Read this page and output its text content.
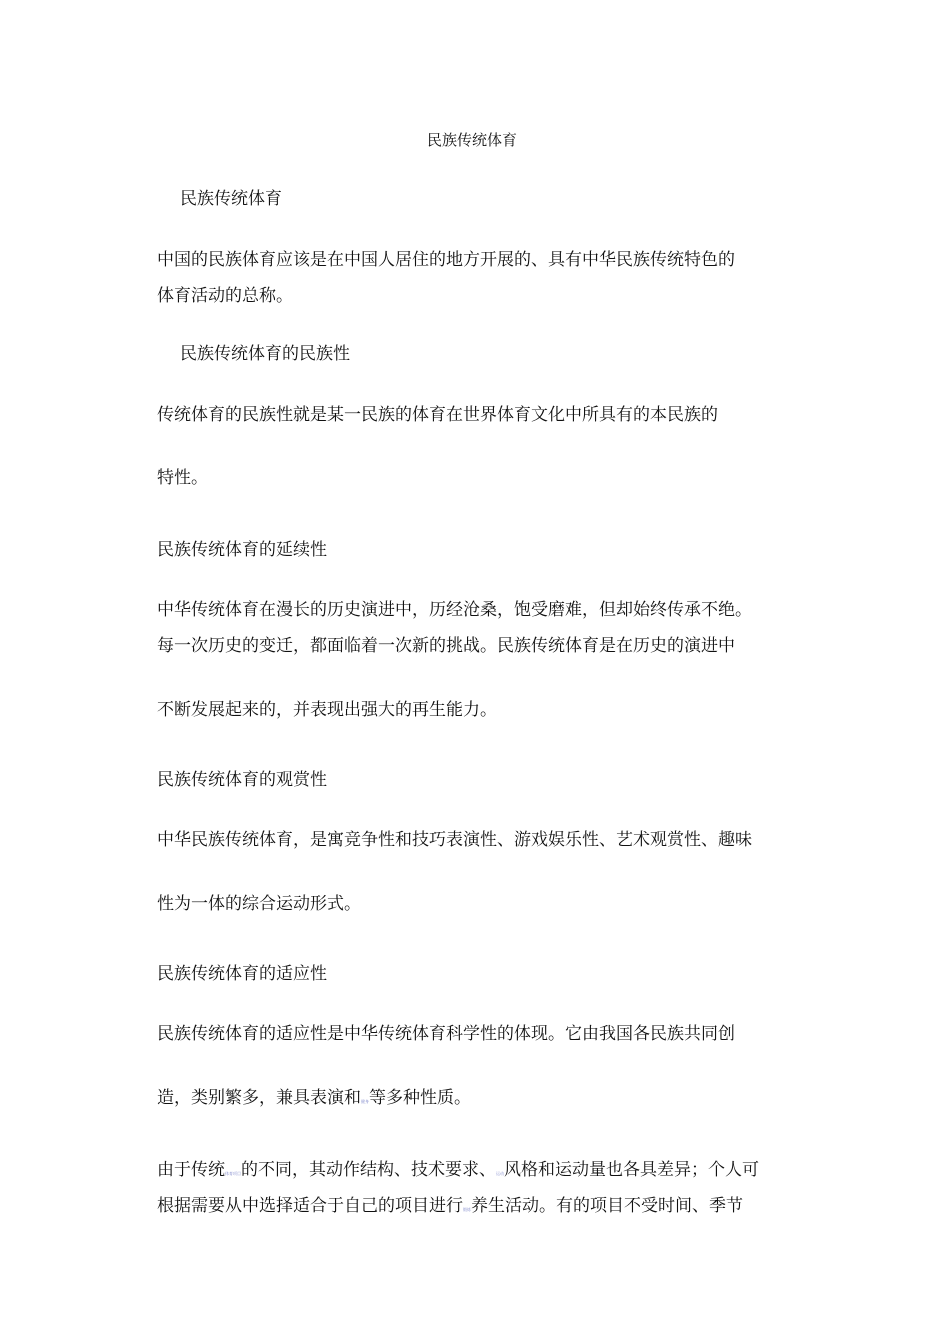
民族传统体育
民族传统体育
中国的民族体育应该是在中国人居住的地方开展的、具有中华民族传统特色的
体育活动的总称。
民族传统体育的民族性
传统体育的民族性就是某一民族的体育在世界体育文化中所具有的本民族的
特性。
民族传统体育的延续性
中华传统体育在漫长的历史演进中，历经沧桑，饱受磨难，但却始终传承不绝。
每一次历史的变迁，都面临着一次新的挑战。民族传统体育是在历史的演进中
不断发展起来的，并表现出强大的再生能力。
民族传统体育的观赏性
中华民族传统体育，是寓竞争性和技巧表演性、游戏娱乐性、艺术观赏性、趣味
性为一体的综合运动形式。
民族传统体育的适应性
民族传统体育的适应性是中华传统体育科学性的体现。它由我国各民族共同创
造，类别繁多，兼具表演和健身等多种性质。
由于传统体育项目的不同，其动作结构、技术要求、运动风格和运动量也各具差异；个人可
根据需要从中选择适合于自己的项目进行锻炼养生活动。有的项目不受时间、季节
